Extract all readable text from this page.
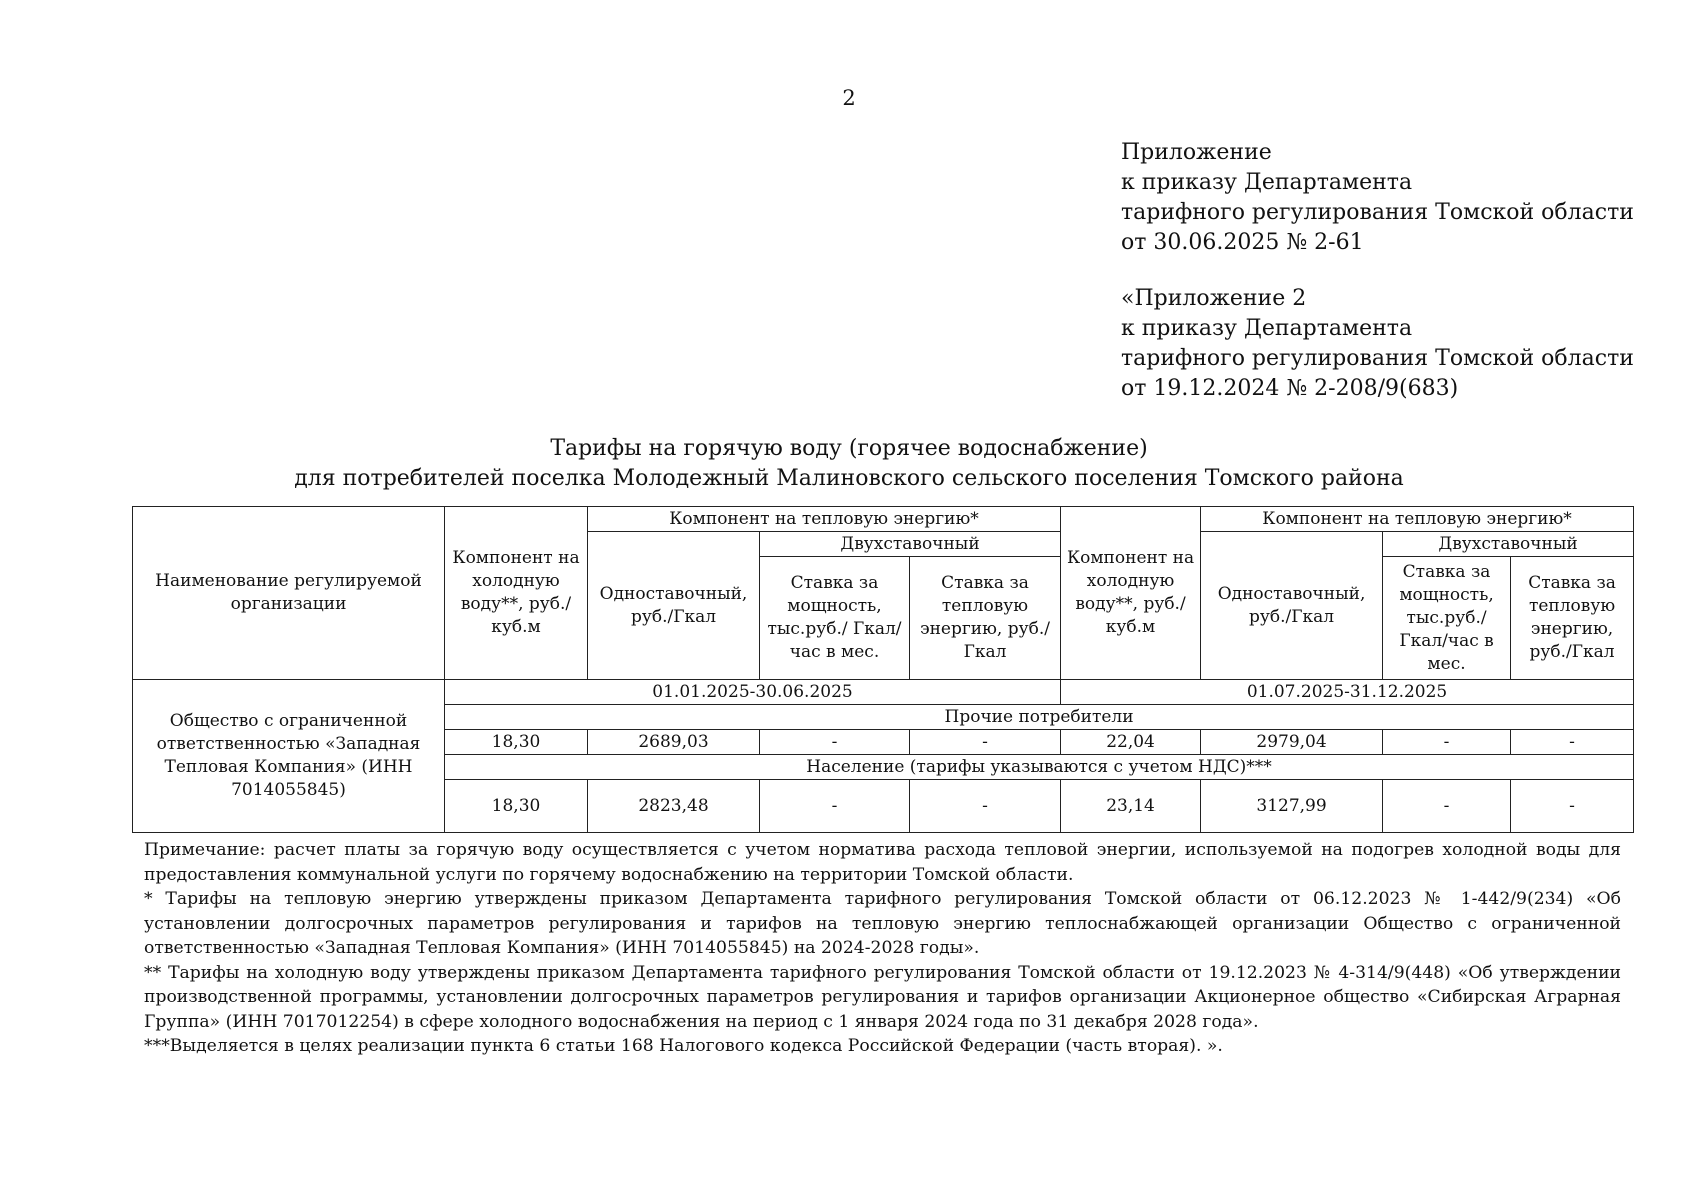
2
Приложение
к приказу Департамента
тарифного регулирования Томской области
от 30.06.2025 № 2-61
«Приложение 2
к приказу Департамента
тарифного регулирования Томской области
от 19.12.2024 № 2-208/9(683)
Тарифы на горячую воду (горячее водоснабжение)
для потребителей поселка Молодежный Малиновского сельского поселения Томского района
Наименование регулируемой организации	Компонент на холодную воду**, руб./куб.м	Компонент на тепловую энергию*			Компонент на холодную воду**, руб./куб.м	Компонент на тепловую энергию*		
		Одноставочный, руб./Гкал	Двухставочный			Одноставочный, руб./Гкал	Двухставочный	
			Ставка за мощность, тыс.руб./ Гкал/час в мес.	Ставка за тепловую энергию, руб./Гкал			Ставка за мощность, тыс.руб./ Гкал/час в мес.	Ставка за тепловую энергию, руб./Гкал
Общество с ограниченной ответственностью «Западная Тепловая Компания» (ИНН 7014055845)	01.01.2025-30.06.2025				01.07.2025-31.12.2025			
	Прочие потребители							
	18,30	2689,03	-	-	22,04	2979,04	-	-
	Население (тарифы указываются с учетом НДС)***							
	18,30	2823,48	-	-	23,14	3127,99	-	-

Примечание: расчет платы за горячую воду осуществляется с учетом норматива расхода тепловой энергии, используемой на подогрев холодной воды для предоставления коммунальной услуги по горячему водоснабжению на территории Томской области.

* Тарифы на тепловую энергию утверждены приказом Департамента тарифного регулирования Томской области от 06.12.2023 № 1-442/9(234) «Об установлении долгосрочных параметров регулирования и тарифов на тепловую энергию теплоснабжающей организации Общество с ограниченной ответственностью «Западная Тепловая Компания» (ИНН 7014055845) на 2024-2028 годы».

** Тарифы на холодную воду утверждены приказом Департамента тарифного регулирования Томской области от 19.12.2023 № 4-314/9(448) «Об утверждении производственной программы, установлении долгосрочных параметров регулирования и тарифов организации Акционерное общество «Сибирская Аграрная Группа» (ИНН 7017012254) в сфере холодного водоснабжения на период с 1 января 2024 года по 31 декабря 2028 года».

***Выделяется в целях реализации пункта 6 статьи 168 Налогового кодекса Российской Федерации (часть вторая). ».
